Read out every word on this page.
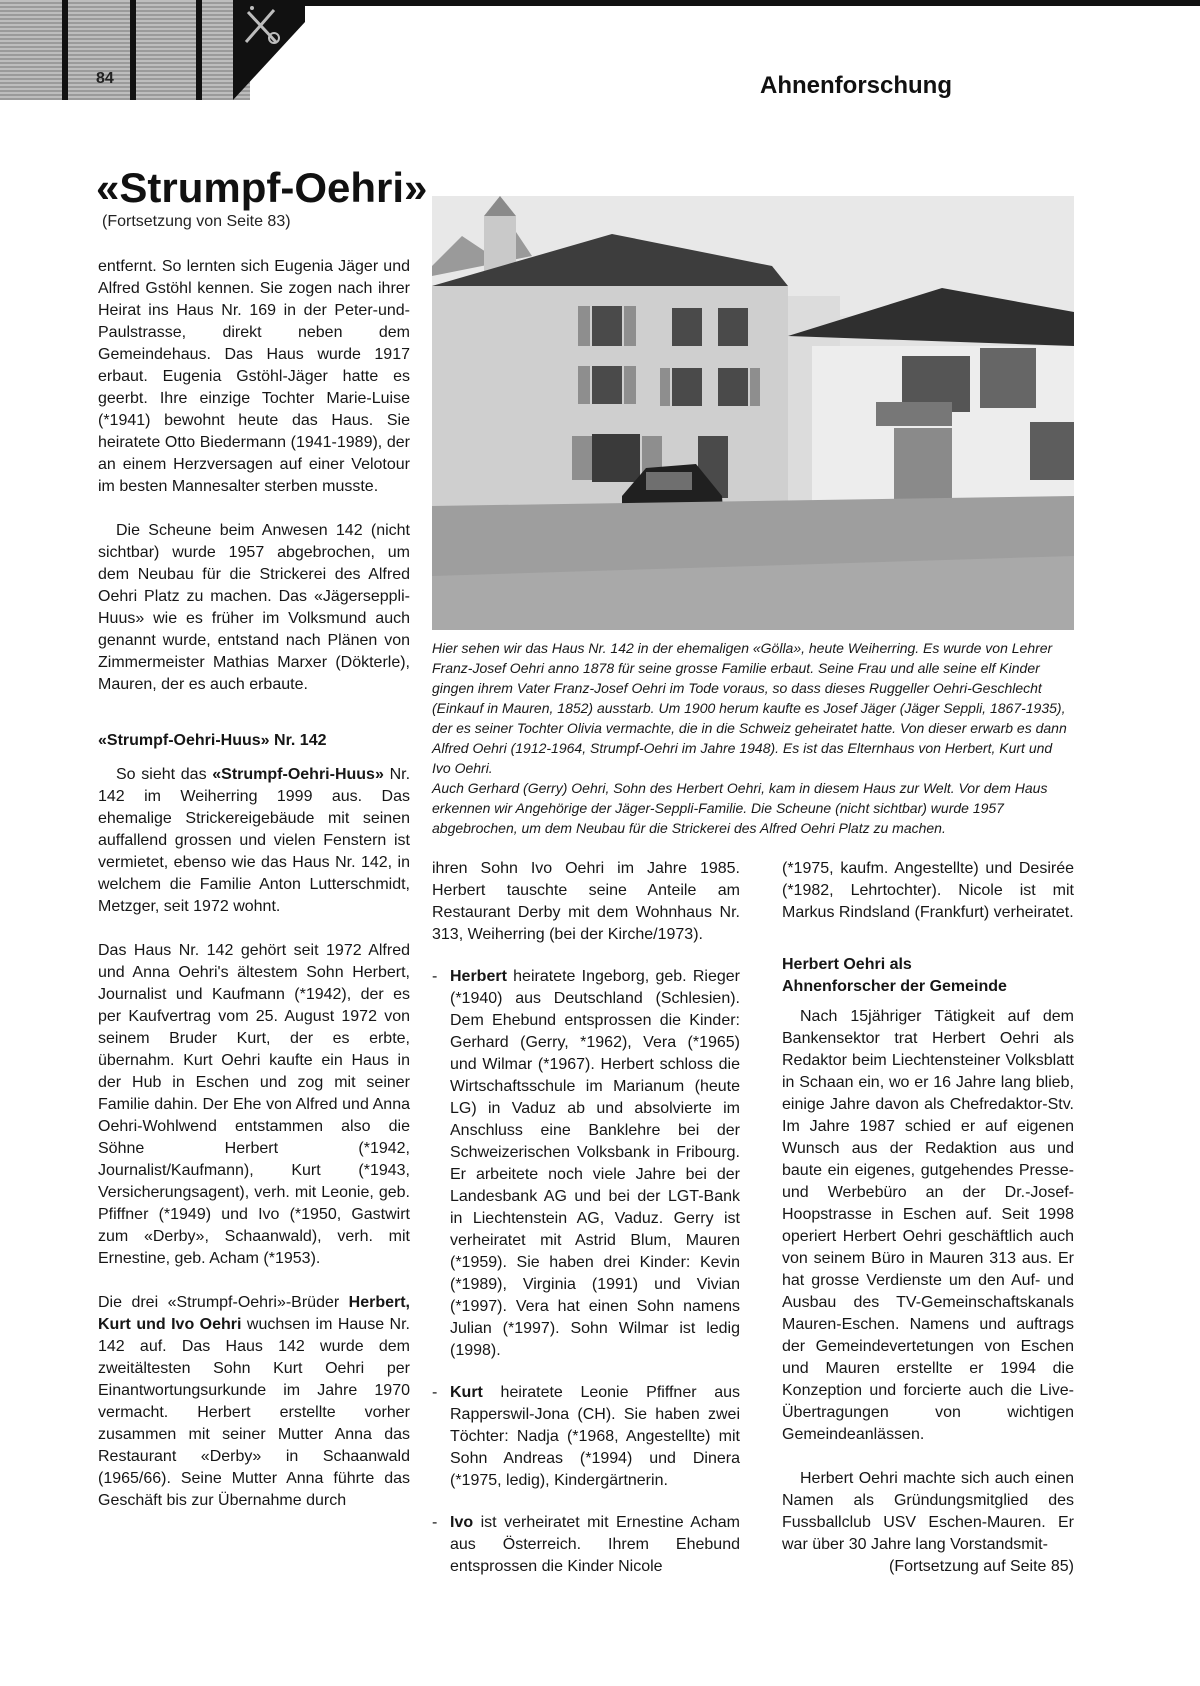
84	Ahnenforschung
«Strumpf-Oehri»
(Fortsetzung von Seite 83)

entfernt. So lernten sich Eugenia Jäger und Alfred Gstöhl kennen. Sie zogen nach ihrer Heirat ins Haus Nr. 169 in der Peter-und-Paulstrasse, direkt neben dem Gemeindehaus. Das Haus wurde 1917 erbaut. Eugenia Gstöhl-Jäger hatte es geerbt. Ihre einzige Tochter Marie-Luise (*1941) bewohnt heute das Haus. Sie heiratete Otto Biedermann (1941-1989), der an einem Herzversagen auf einer Velotour im besten Mannesalter sterben musste.

Die Scheune beim Anwesen 142 (nicht sichtbar) wurde 1957 abgebrochen, um dem Neubau für die Strickerei des Alfred Oehri Platz zu machen. Das «Jägerseppli-Huus» wie es früher im Volksmund auch genannt wurde, entstand nach Plänen von Zimmermeister Mathias Marxer (Dökterle), Mauren, der es auch erbaute.

«Strumpf-Oehri-Huus» Nr. 142

So sieht das «Strumpf-Oehri-Huus» Nr. 142 im Weiherring 1999 aus. Das ehemalige Strickereigebäude mit seinen auffallend grossen und vielen Fenstern ist vermietet, ebenso wie das Haus Nr. 142, in welchem die Familie Anton Lutterschmidt, Metzger, seit 1972 wohnt.

Das Haus Nr. 142 gehört seit 1972 Alfred und Anna Oehri's ältestem Sohn Herbert, Journalist und Kaufmann (*1942), der es per Kaufvertrag vom 25. August 1972 von seinem Bruder Kurt, der es erbte, übernahm. Kurt Oehri kaufte ein Haus in der Hub in Eschen und zog mit seiner Familie dahin. Der Ehe von Alfred und Anna Oehri-Wohlwend entstammen also die Söhne Herbert (*1942, Journalist/Kaufmann), Kurt (*1943, Versicherungsagent), verh. mit Leonie, geb. Pfiffner (*1949) und Ivo (*1950, Gastwirt zum «Derby», Schaanwald), verh. mit Ernestine, geb. Acham (*1953).

Die drei «Strumpf-Oehri»-Brüder Herbert, Kurt und Ivo Oehri wuchsen im Hause Nr. 142 auf. Das Haus 142 wurde dem zweitältesten Sohn Kurt Oehri per Einantwortungsurkunde im Jahre 1970 vermacht. Herbert erstellte vorher zusammen mit seiner Mutter Anna das Restaurant «Derby» in Schaanwald (1965/66). Seine Mutter Anna führte das Geschäft bis zur Übernahme durch

Hier sehen wir das Haus Nr. 142 in der ehemaligen «Gölla», heute Weiherring. Es wurde von Lehrer Franz-Josef Oehri anno 1878 für seine grosse Familie erbaut. Seine Frau und alle seine elf Kinder gingen ihrem Vater Franz-Josef Oehri im Tode voraus, so dass dieses Ruggeller Oehri-Geschlecht (Einkauf in Mauren, 1852) ausstarb. Um 1900 herum kaufte es Josef Jäger (Jäger Seppli, 1867-1935), der es seiner Tochter Olivia vermachte, die in die Schweiz geheiratet hatte. Von dieser erwarb es dann Alfred Oehri (1912-1964, Strumpf-Oehri im Jahre 1948). Es ist das Elternhaus von Herbert, Kurt und Ivo Oehri.

Auch Gerhard (Gerry) Oehri, Sohn des Herbert Oehri, kam in diesem Haus zur Welt. Vor dem Haus erkennen wir Angehörige der Jäger-Seppli-Familie. Die Scheune (nicht sichtbar) wurde 1957 abgebrochen, um dem Neubau für die Strickerei des Alfred Oehri Platz zu machen.

ihren Sohn Ivo Oehri im Jahre 1985. Herbert tauschte seine Anteile am Restaurant Derby mit dem Wohnhaus Nr. 313, Weiherring (bei der Kirche/1973).

- Herbert heiratete Ingeborg, geb. Rieger (*1940) aus Deutschland (Schlesien). Dem Ehebund entsprossen die Kinder: Gerhard (Gerry, *1962), Vera (*1965) und Wilmar (*1967). Herbert schloss die Wirtschaftsschule im Marianum (heute LG) in Vaduz ab und absolvierte im Anschluss eine Banklehre bei der Schweizerischen Volksbank in Fribourg. Er arbeitete noch viele Jahre bei der Landesbank AG und bei der LGT-Bank in Liechtenstein AG, Vaduz. Gerry ist verheiratet mit Astrid Blum, Mauren (*1959). Sie haben drei Kinder: Kevin (*1989), Virginia (1991) und Vivian (*1997). Vera hat einen Sohn namens Julian (*1997). Sohn Wilmar ist ledig (1998).
- Kurt heiratete Leonie Pfiffner aus Rapperswil-Jona (CH). Sie haben zwei Töchter: Nadja (*1968, Angestellte) mit Sohn Andreas (*1994) und Dinera (*1975, ledig), Kindergärtnerin.
- Ivo ist verheiratet mit Ernestine Acham aus Österreich. Ihrem Ehebund entsprossen die Kinder Nicole

(*1975, kaufm. Angestellte) und Desirée (*1982, Lehrtochter). Nicole ist mit Markus Rindsland (Frankfurt) verheiratet.

Herbert Oehri als
Ahnenforscher der Gemeinde

Nach 15jähriger Tätigkeit auf dem Bankensektor trat Herbert Oehri als Redaktor beim Liechtensteiner Volksblatt in Schaan ein, wo er 16 Jahre lang blieb, einige Jahre davon als Chefredaktor-Stv. Im Jahre 1987 schied er auf eigenen Wunsch aus der Redaktion aus und baute ein eigenes, gutgehendes Presse- und Werbebüro an der Dr.-Josef-Hoopstrasse in Eschen auf. Seit 1998 operiert Herbert Oehri geschäftlich auch von seinem Büro in Mauren 313 aus. Er hat grosse Verdienste um den Auf- und Ausbau des TV-Gemeinschaftskanals Mauren-Eschen. Namens und auftrags der Gemeindevertetungen von Eschen und Mauren erstellte er 1994 die Konzeption und forcierte auch die Live-Übertragungen von wichtigen Gemeindeanlässen.

Herbert Oehri machte sich auch einen Namen als Gründungsmitglied des Fussballclub USV Eschen-Mauren. Er war über 30 Jahre lang Vorstandsmit-

(Fortsetzung auf Seite 85)
